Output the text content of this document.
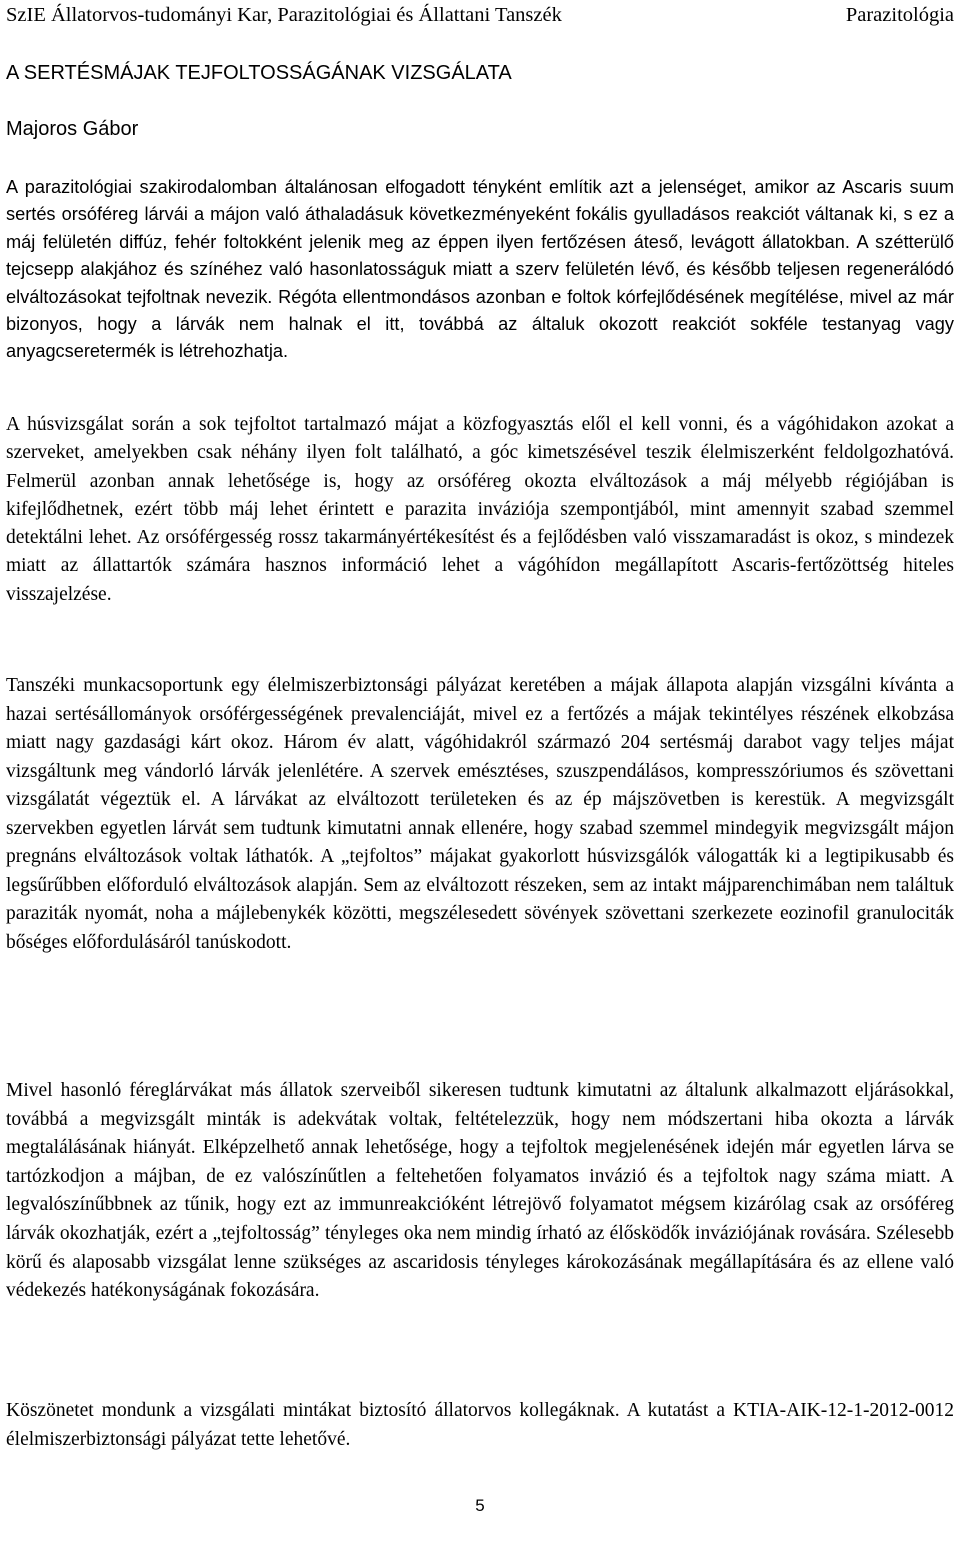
SzIE Állatorvos-tudományi Kar, Parazitológiai és Állattani Tanszék	Parazitológia
A SERTÉSMÁJAK TEJFOLTOSSÁGÁNAK VIZSGÁLATA
Majoros Gábor

A parazitológiai szakirodalomban általánosan elfogadott tényként említik azt a jelenséget, amikor az Ascaris suum sertés orsóféreg lárvái a májon való áthaladásuk következményeként fokális gyulladásos reakciót váltanak ki, s ez a máj felületén diffúz, fehér foltokként jelenik meg az éppen ilyen fertőzésen áteső, levágott állatokban. A szétterülő tejcsepp alakjához és színéhez való hasonlatosságuk miatt a szerv felületén lévő, és később teljesen regenerálódó elváltozásokat tejfoltnak nevezik. Régóta ellentmondásos azonban e foltok kórfejlődésének megítélése, mivel az már bizonyos, hogy a lárvák nem halnak el itt, továbbá az általuk okozott reakciót sokféle testanyag vagy anyagcseretermék is létrehozhatja.

A húsvizsgálat során a sok tejfoltot tartalmazó májat a közfogyasztás elől el kell vonni, és a vágóhidakon azokat a szerveket, amelyekben csak néhány ilyen folt található, a góc kimetszésével teszik élelmiszerként feldolgozhatóvá. Felmerül azonban annak lehetősége is, hogy az orsóféreg okozta elváltozások a máj mélyebb régiójában is kifejlődhetnek, ezért több máj lehet érintett e parazita inváziója szempontjából, mint amennyit szabad szemmel detektálni lehet. Az orsóférgesség rossz takarmányértékesítést és a fejlődésben való visszamaradást is okoz, s mindezek miatt az állattartók számára hasznos információ lehet a vágóhídon megállapított Ascaris-fertőzöttség hiteles visszajelzése.

Tanszéki munkacsoportunk egy élelmiszerbiztonsági pályázat keretében a májak állapota alapján vizsgálni kívánta a hazai sertésállományok orsóférgességének prevalenciáját, mivel ez a fertőzés a májak tekintélyes részének elkobzása miatt nagy gazdasági kárt okoz. Három év alatt, vágóhidakról származó 204 sertésmáj darabot vagy teljes májat vizsgáltunk meg vándorló lárvák jelenlétére. A szervek emésztéses, szuszpendálásos, kompresszóriumos és szövettani vizsgálatát végeztük el. A lárvákat az elváltozott területeken és az ép májszövetben is kerestük. A megvizsgált szervekben egyetlen lárvát sem tudtunk kimutatni annak ellenére, hogy szabad szemmel mindegyik megvizsgált májon pregnáns elváltozások voltak láthatók. A „tejfoltos” májakat gyakorlott húsvizsgálók válogatták ki a legtipikusabb és legsűrűbben előforduló elváltozások alapján. Sem az elváltozott részeken, sem az intakt májparenchimában nem találtuk paraziták nyomát, noha a májlebenykék közötti, megszélesedett sövények szövettani szerkezete eozinofil granulociták bőséges előfordulásáról tanúskodott.

Mivel hasonló féreglárvákat más állatok szerveiből sikeresen tudtunk kimutatni az általunk alkalmazott eljárásokkal, továbbá a megvizsgált minták is adekvátak voltak, feltételezzük, hogy nem módszertani hiba okozta a lárvák megtalálásának hiányát. Elképzelhető annak lehetősége, hogy a tejfoltok megjelenésének idején már egyetlen lárva se tartózkodjon a májban, de ez valószínűtlen a feltehetően folyamatos invázió és a tejfoltok nagy száma miatt. A legvalószínűbbnek az tűnik, hogy ezt az immunreakcióként létrejövő folyamatot mégsem kizárólag csak az orsóféreg lárvák okozhatják, ezért a „tejfoltosság” tényleges oka nem mindig írható az élősködők inváziójának rovására. Szélesebb körű és alaposabb vizsgálat lenne szükséges az ascaridosis tényleges károkozásának megállapítására és az ellene való védekezés hatékonyságának fokozására.

Köszönetet mondunk a vizsgálati mintákat biztosító állatorvos kollegáknak. A kutatást a KTIA-AIK-12-1-2012-0012 élelmiszerbiztonsági pályázat tette lehetővé.

5
